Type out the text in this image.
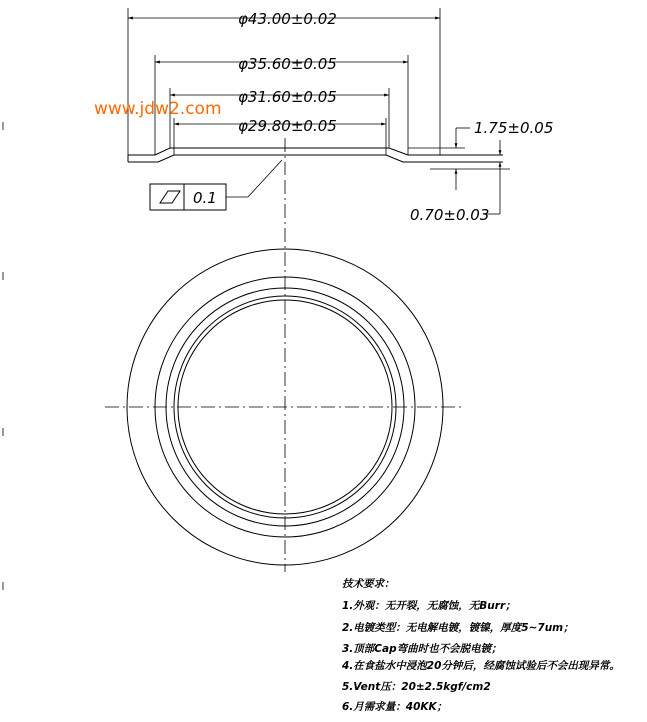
φ43.00±0.02
φ35.60±0.05
φ31.60±0.05
φ29.80±0.05	1.75±0.05
0.70±0.03
www.jdw2.com
0.1
技术要求：
1.外观：无开裂，无腐蚀，无Burr；
2.电镀类型：无电解电镀，镀镍，厚度5~7um；
3.顶部Cap弯曲时也不会脱电镀；
4.在食盐水中浸泡20分钟后，经腐蚀试验后不会出现异常。
5.Vent压：20±2.5kgf/cm2
6.月需求量：40KK；
